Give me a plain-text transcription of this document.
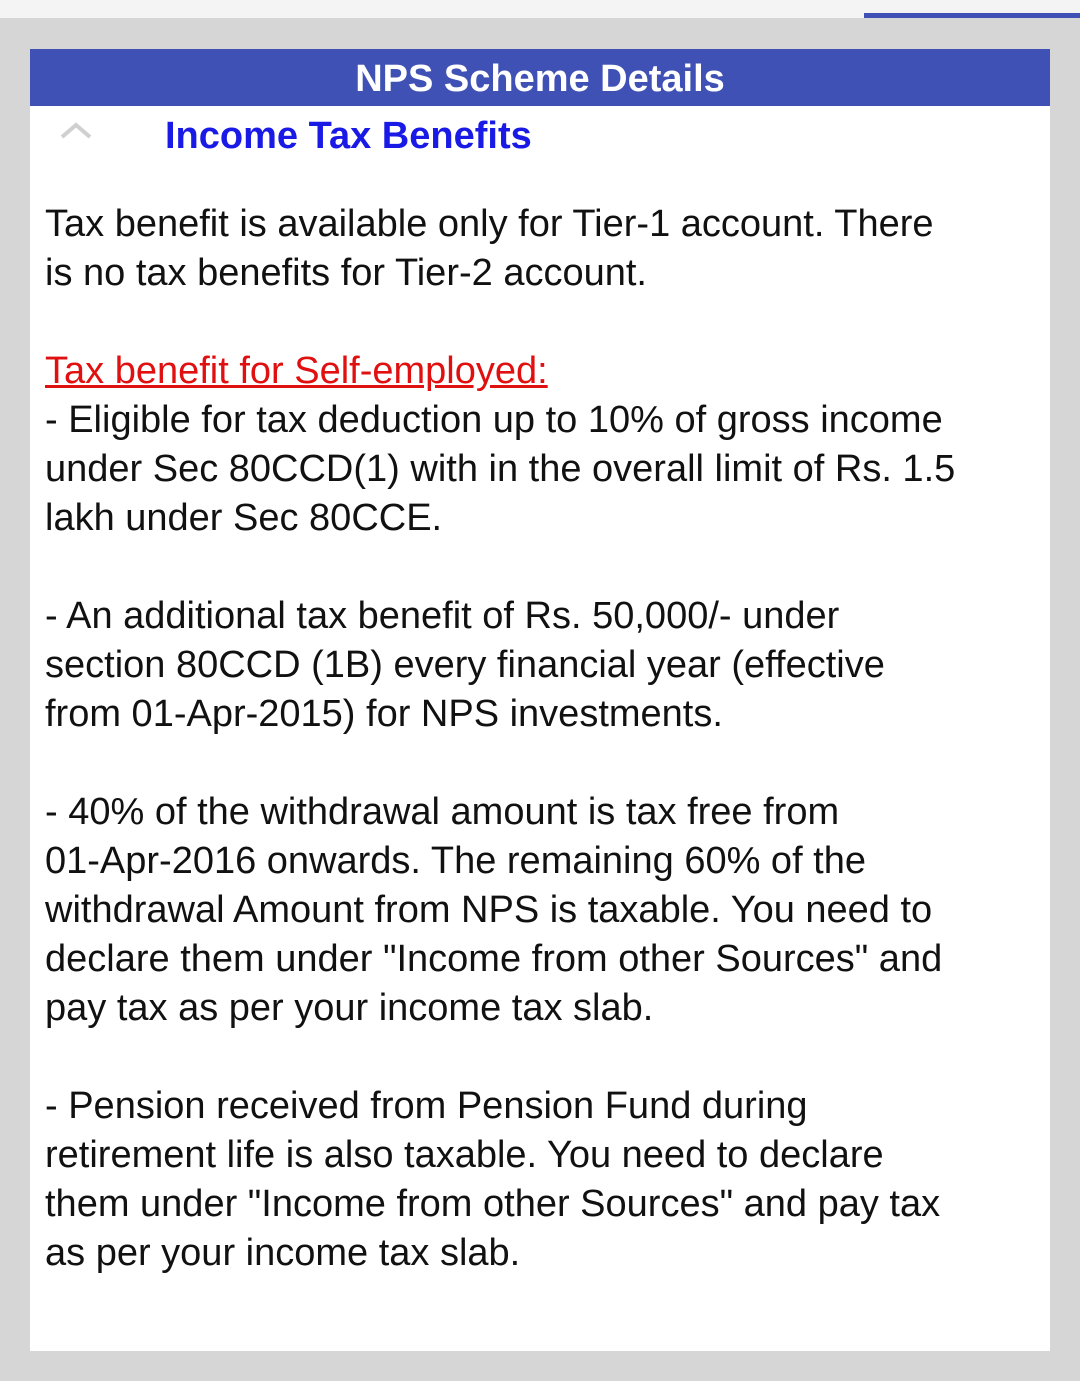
NPS Scheme Details
Income Tax Benefits

Tax benefit is available only for Tier-1 account. There
is no tax benefits for Tier-2 account.

Tax benefit for Self-employed:
- Eligible for tax deduction up to 10% of gross income
under Sec 80CCD(1) with in the overall limit of Rs. 1.5
lakh under Sec 80CCE.

- An additional tax benefit of Rs. 50,000/- under
section 80CCD (1B) every financial year (effective
from 01-Apr-2015) for NPS investments.

- 40% of the withdrawal amount is tax free from
01-Apr-2016 onwards. The remaining 60% of the
withdrawal Amount from NPS is taxable. You need to
declare them under "Income from other Sources" and
pay tax as per your income tax slab.

- Pension received from Pension Fund during
retirement life is also taxable. You need to declare
them under "Income from other Sources" and pay tax
as per your income tax slab.
